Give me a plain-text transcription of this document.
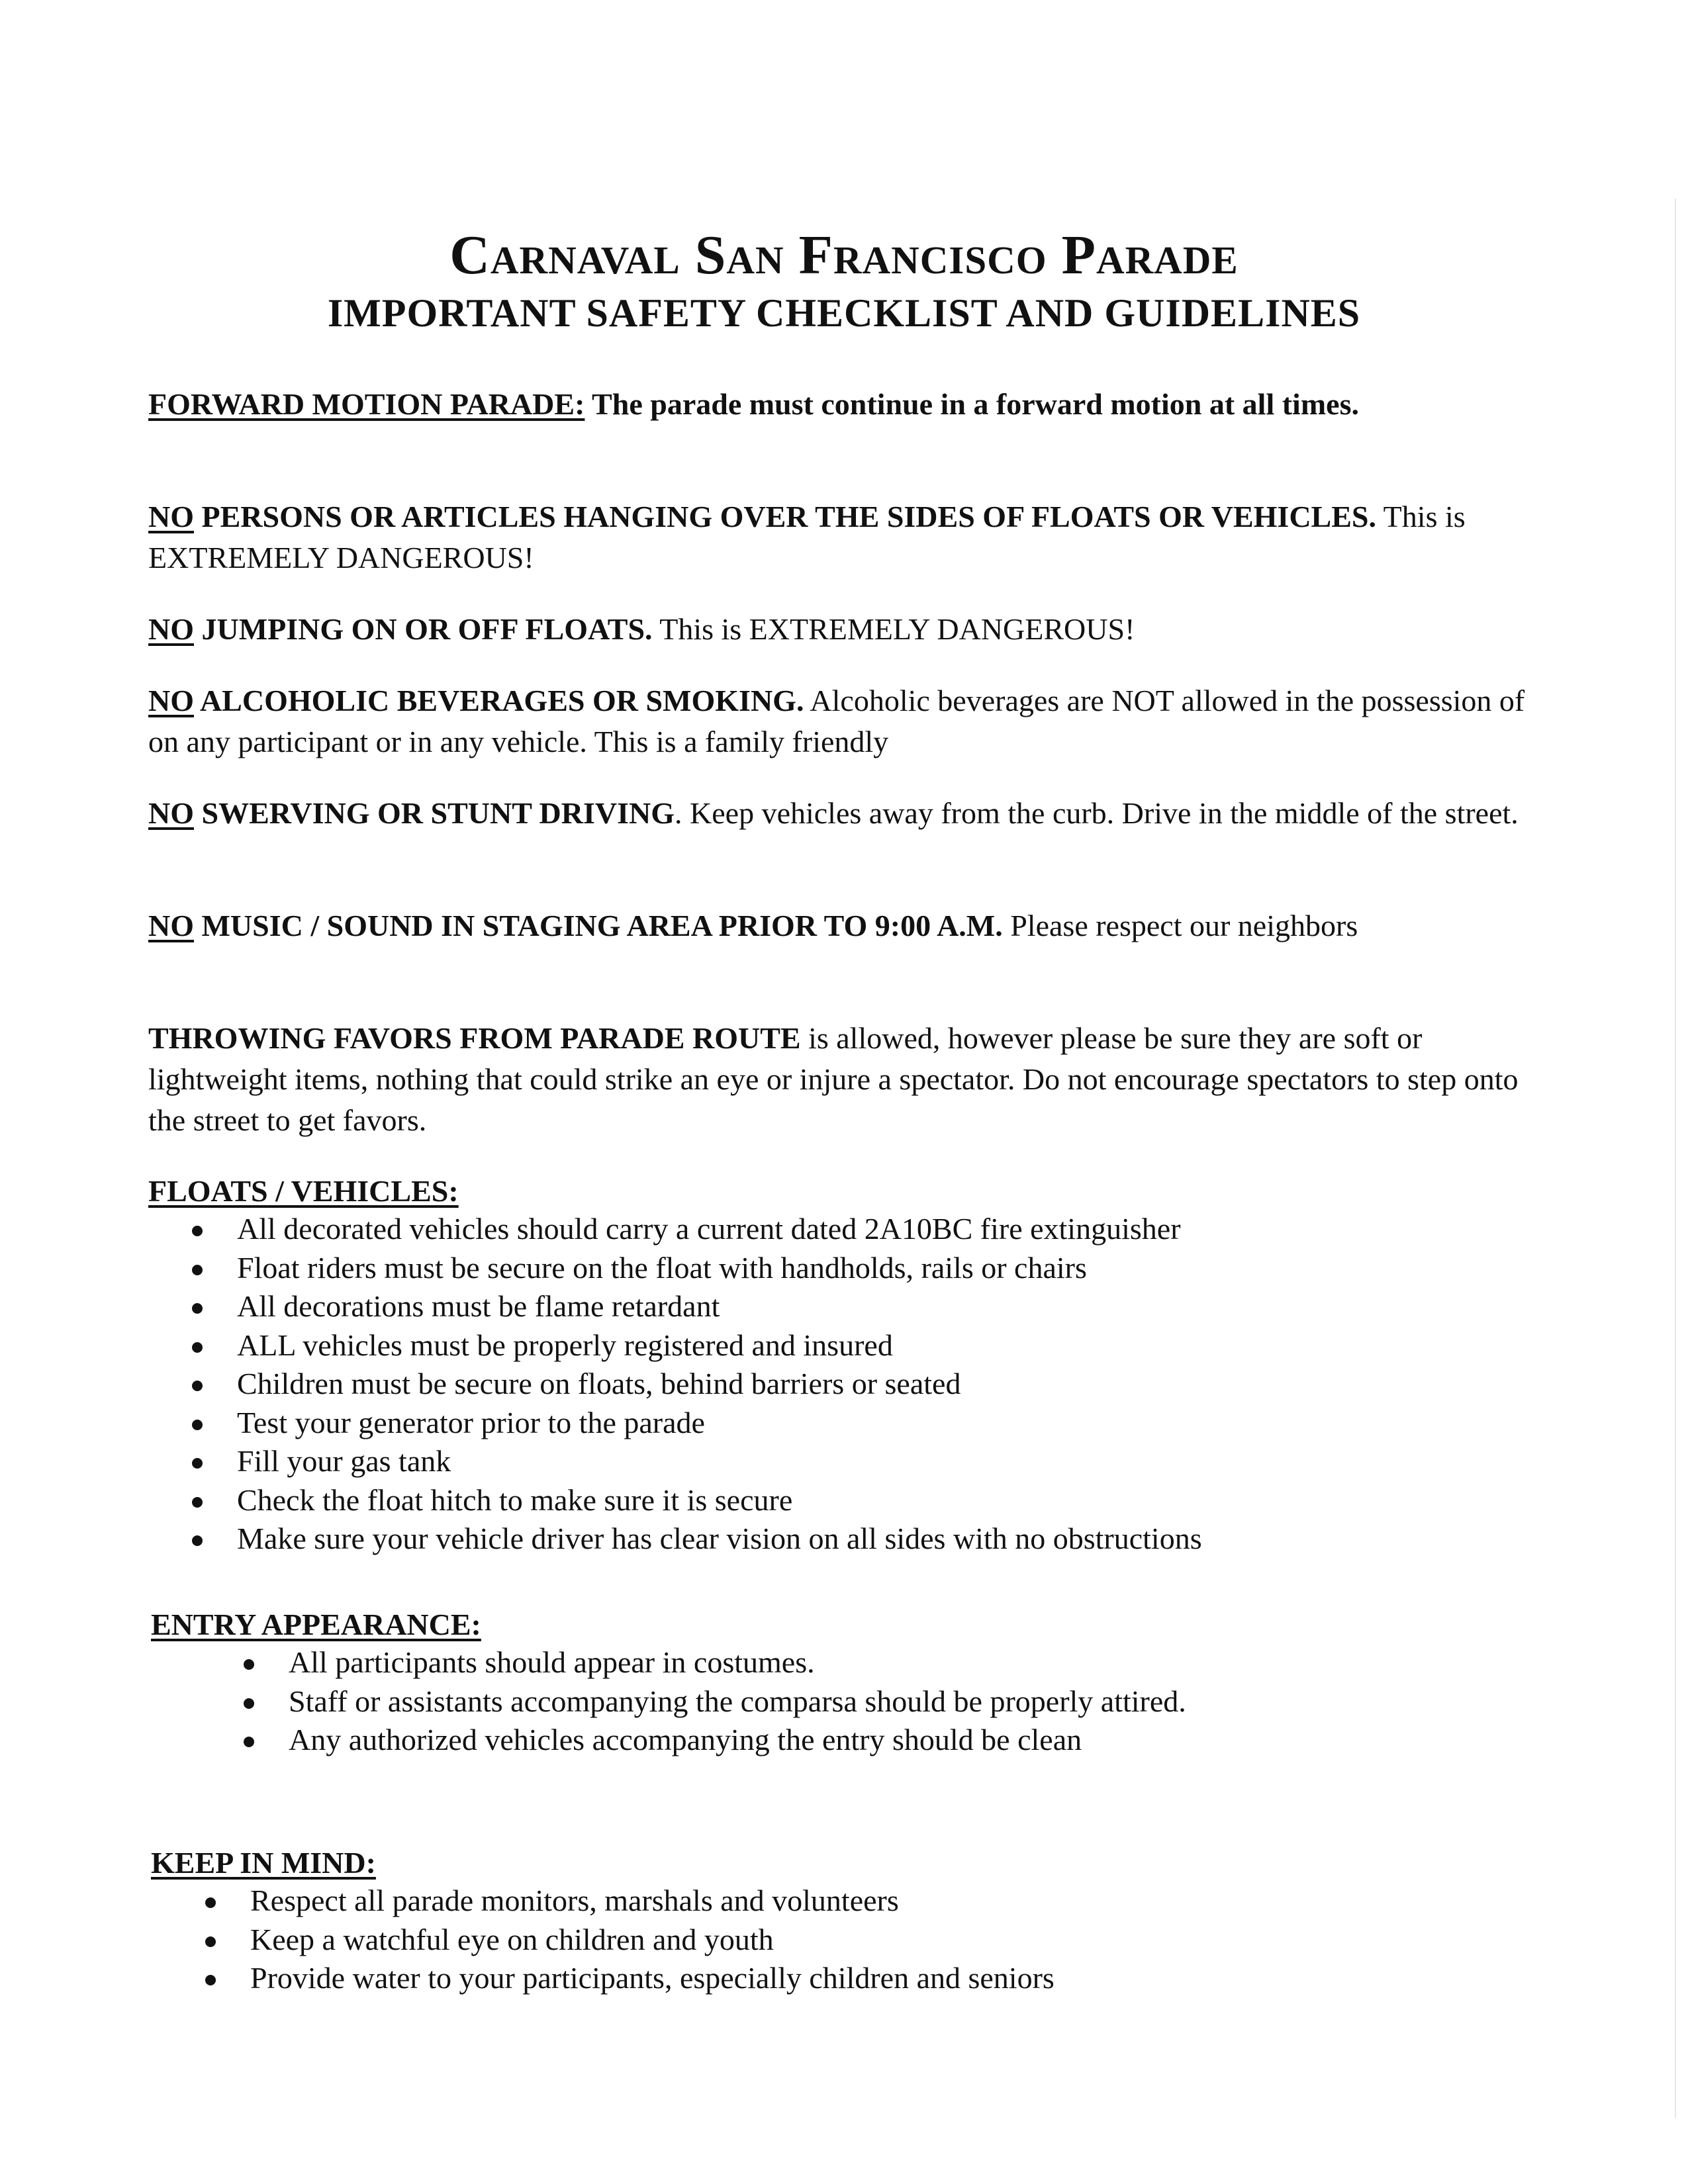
Carnaval San Francisco Parade
IMPORTANT SAFETY CHECKLIST AND GUIDELINES
FORWARD MOTION PARADE: The parade must continue in a forward motion at all times.
NO PERSONS OR ARTICLES HANGING OVER THE SIDES OF FLOATS OR VEHICLES. This is EXTREMELY DANGEROUS!
NO JUMPING ON OR OFF FLOATS. This is EXTREMELY DANGEROUS!
NO ALCOHOLIC BEVERAGES OR SMOKING. Alcoholic beverages are NOT allowed in the possession of on any participant or in any vehicle. This is a family friendly
NO SWERVING OR STUNT DRIVING. Keep vehicles away from the curb. Drive in the middle of the street.
NO MUSIC / SOUND IN STAGING AREA PRIOR TO 9:00 A.M. Please respect our neighbors
THROWING FAVORS FROM PARADE ROUTE is allowed, however please be sure they are soft or lightweight items, nothing that could strike an eye or injure a spectator. Do not encourage spectators to step onto the street to get favors.
FLOATS / VEHICLES:
All decorated vehicles should carry a current dated 2A10BC fire extinguisher
Float riders must be secure on the float with handholds, rails or chairs
All decorations must be flame retardant
ALL vehicles must be properly registered and insured
Children must be secure on floats, behind barriers or seated
Test your generator prior to the parade
Fill your gas tank
Check the float hitch to make sure it is secure
Make sure your vehicle driver has clear vision on all sides with no obstructions
ENTRY APPEARANCE:
All participants should appear in costumes.
Staff or assistants accompanying the comparsa should be properly attired.
Any authorized vehicles accompanying the entry should be clean
KEEP IN MIND:
Respect all parade monitors, marshals and volunteers
Keep a watchful eye on children and youth
Provide water to your participants, especially children and seniors
